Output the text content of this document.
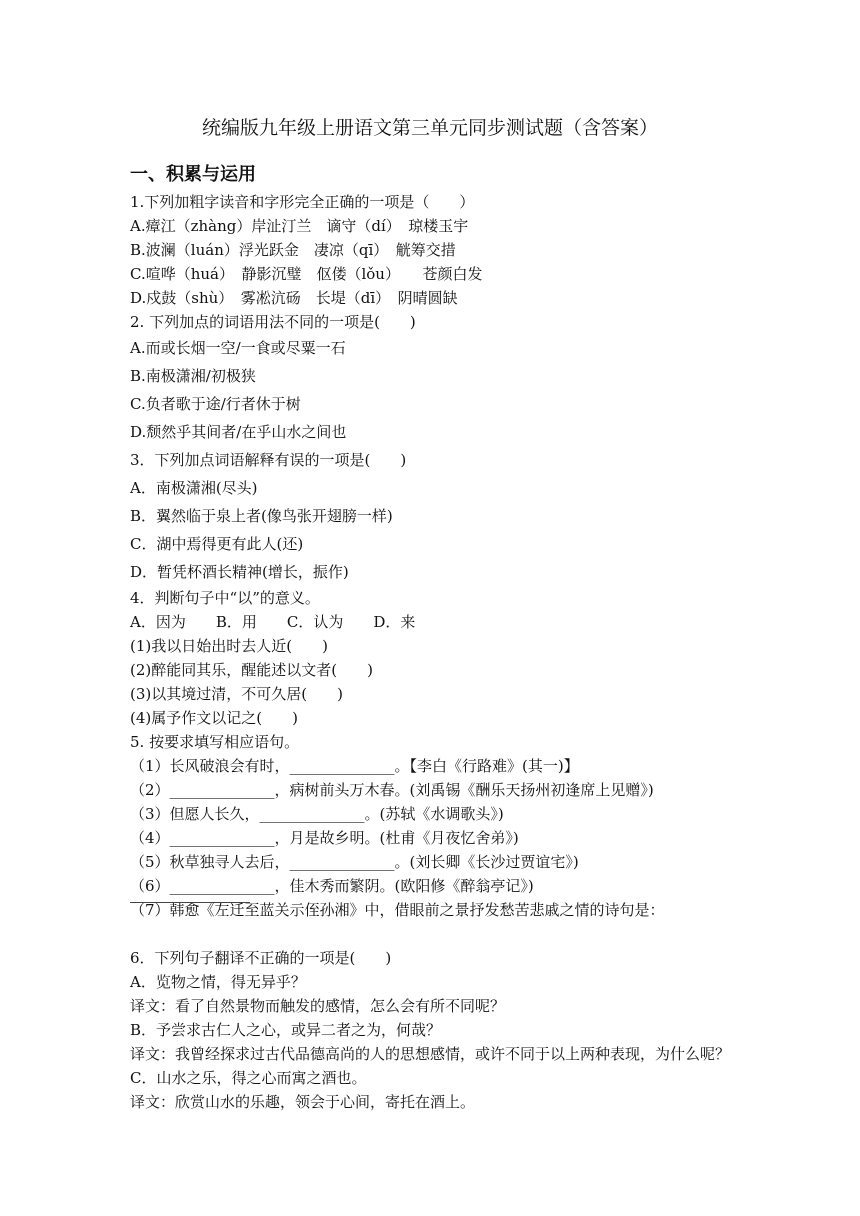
统编版九年级上册语文第三单元同步测试题（含答案）
一、积累与运用
1.下列加粗字读音和字形完全正确的一项是（　　）
A.瘴江（zhàng）岸沚汀兰　谪守（dí）　琼楼玉宇
B.波澜（luán）浮光跃金　凄凉（qī）　觥筹交措
C.喧哗（huá）　静影沉璧　伛偻（lǒu）　　苍颜白发
D.戍鼓（shù）　雾凇沆砀　长堤（dī）　阴晴圆缺
2. 下列加点的词语用法不同的一项是(　　)
A.而或长烟一空/一食或尽粟一石
B.南极潇湘/初极狭
C.负者歌于途/行者休于树
D.颓然乎其间者/在乎山水之间也
3．下列加点词语解释有误的一项是(　　)
A．南极潇湘(尽头)
B．翼然临于泉上者(像鸟张开翅膀一样)
C．湖中焉得更有此人(还)
D．暂凭杯酒长精神(增长，振作)
4．判断句子中“以”的意义。
A．因为　　B．用　　C．认为　　D．来
(1)我以日始出时去人近(　　)
(2)醉能同其乐，醒能述以文者(　　)
(3)以其境过清，不可久居(　　)
(4)属予作文以记之(　　)
5. 按要求填写相应语句。
（1）长风破浪会有时，______________。【李白《行路难》(其一)】
（2）______________，病树前头万木春。(刘禹锡《酬乐天扬州初逢席上见赠》)
（3）但愿人长久，______________。(苏轼《水调歌头》)
（4）______________，月是故乡明。(杜甫《月夜忆舍弟》)
（5）秋草独寻人去后，______________。(刘长卿《长沙过贾谊宅》)
（6）______________，佳木秀而繁阴。(欧阳修《醉翁亭记》)
（7）韩愈《左迁至蓝关示侄孙湘》中，借眼前之景抒发愁苦悲戚之情的诗句是：
6．下列句子翻译不正确的一项是(　　)
A．览物之情，得无异乎？
译文：看了自然景物而触发的感情，怎么会有所不同呢？
B．予尝求古仁人之心，或异二者之为，何哉？
译文：我曾经探求过古代品德高尚的人的思想感情，或许不同于以上两种表现，为什么呢？
C．山水之乐，得之心而寓之酒也。
译文：欣赏山水的乐趣，领会于心间，寄托在酒上。
